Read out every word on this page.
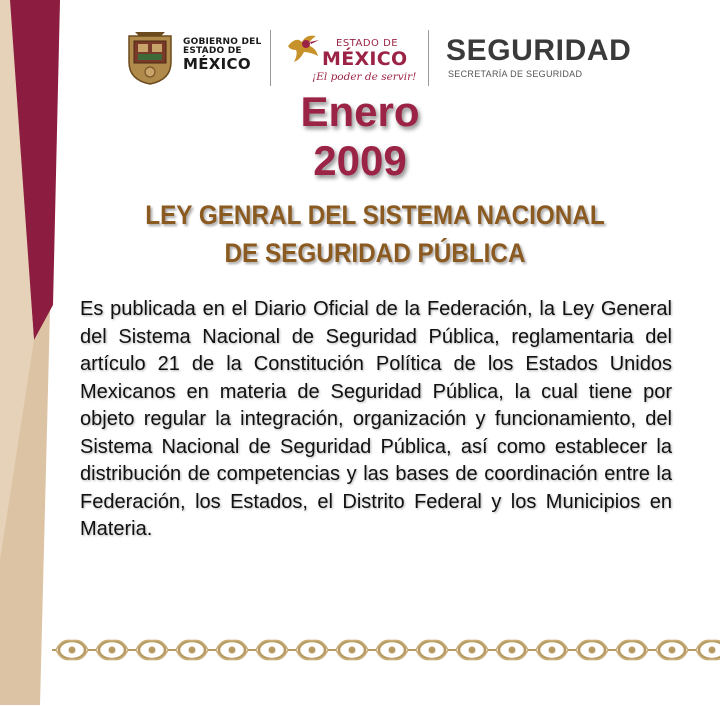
GOBIERNO DEL
ESTADO DE
MÉXICO
ESTADO DE
MÉXICO
¡El poder de servir!
SEGURIDAD
SECRETARÍA DE SEGURIDAD
Enero
2009
LEY GENRAL DEL SISTEMA NACIONAL
DE SEGURIDAD PÚBLICA

Es publicada en el Diario Oficial de la Federación, la Ley General del Sistema Nacional de Seguridad Pública, reglamentaria del artículo 21 de la Constitución Política de los Estados Unidos Mexicanos en materia de Seguridad Pública, la cual tiene por objeto regular la integración, organización y funcionamiento, del Sistema Nacional de Seguridad Pública, así como establecer la distribución de competencias y las bases de coordinación entre la Federación, los Estados, el Distrito Federal y los Municipios en Materia.
